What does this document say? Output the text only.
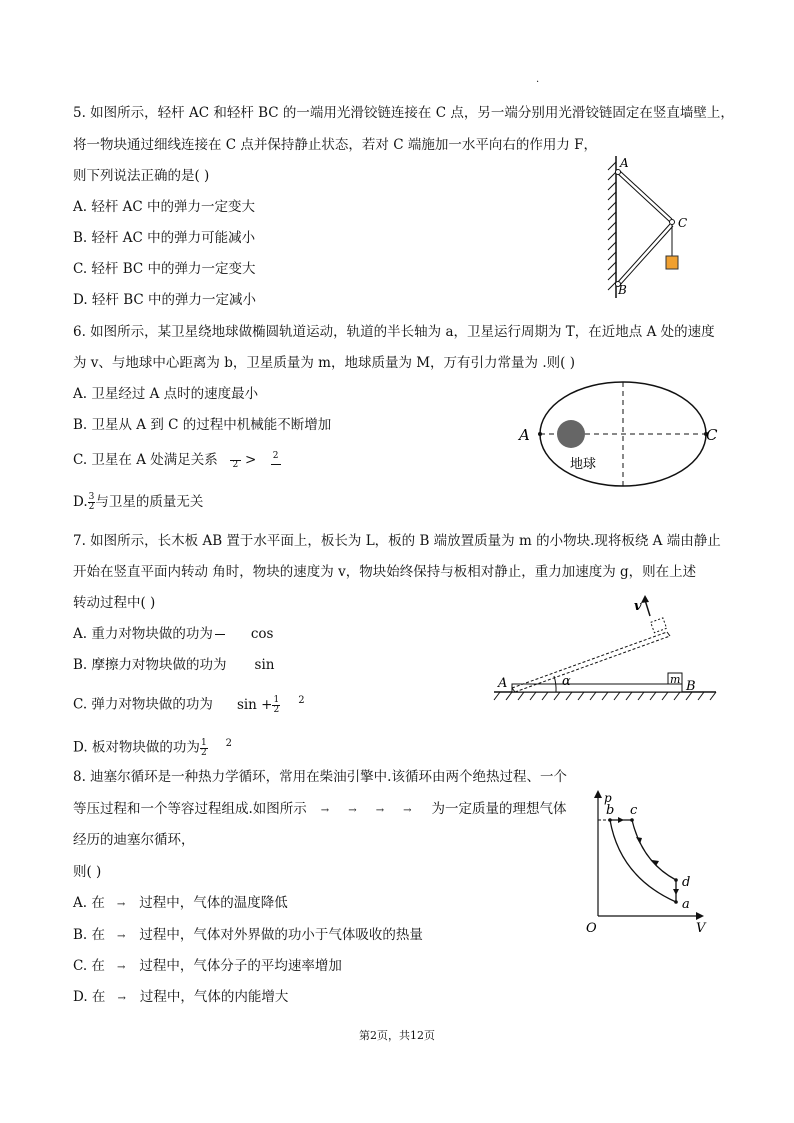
.
5. 如图所示，轻杆 AC 和轻杆 BC 的一端用光滑铰链连接在 C 点，另一端分别用光滑铰链固定在竖直墙壁上，
将一物块通过细线连接在 C 点并保持静止状态，若对 C 端施加一水平向右的作用力 F，
则下列说法正确的是( )
A. 轻杆 AC 中的弹力一定变大
B. 轻杆 AC 中的弹力可能减小
C. 轻杆 BC 中的弹力一定变大
D. 轻杆 BC 中的弹力一定减小
A
B
C
6. 如图所示，某卫星绕地球做椭圆轨道运动，轨道的半长轴为 a，卫星运行周期为 T，在近地点 A 处的速度
为 v、与地球中心距离为 b，卫星质量为 m，地球质量为 M，万有引力常量为 .则( )
A. 卫星经过 A 点时的速度最小
B. 卫星从 A 到 C 的过程中机械能不断增加
C. 卫星在 A 处满足关系
2 > 2
D. $\frac{3}{2}$ 与卫星的质量无关
A	C
地球
7. 如图所示，长木板 AB 置于水平面上，板长为 L，板的 B 端放置质量为 m 的小物块.现将板绕 A 端由静止
开始在竖直平面内转动 角时，物块的速度为 v，物块始终保持与板相对静止，重力加速度为 g，则在上述
转动过程中( )
A. 重力对物块做的功为	cos
B. 摩擦力对物块做的功为 sin
C. 弹力对物块做的功为 $\sin + \frac{1}{2} ^2$
D. 板对物块做的功为 $\frac{1}{2} ^2$
v
α
A	B
m
8. 迪塞尔循环是一种热力学循环，常用在柴油引擎中.该循环由两个绝热过程、一个
等压过程和一个等容过程组成.如图所示 →      →      →      → 为一定质量的理想气体
经历的迪塞尔循环，
则( )
A. 在 → 过程中，气体的温度降低
B. 在 → 过程中，气体对外界做的功小于气体吸收的热量
C. 在 → 过程中，气体分子的平均速率增加
D. 在 → 过程中，气体的内能增大
p
V
O
b c
d
a
第2页，共12页
